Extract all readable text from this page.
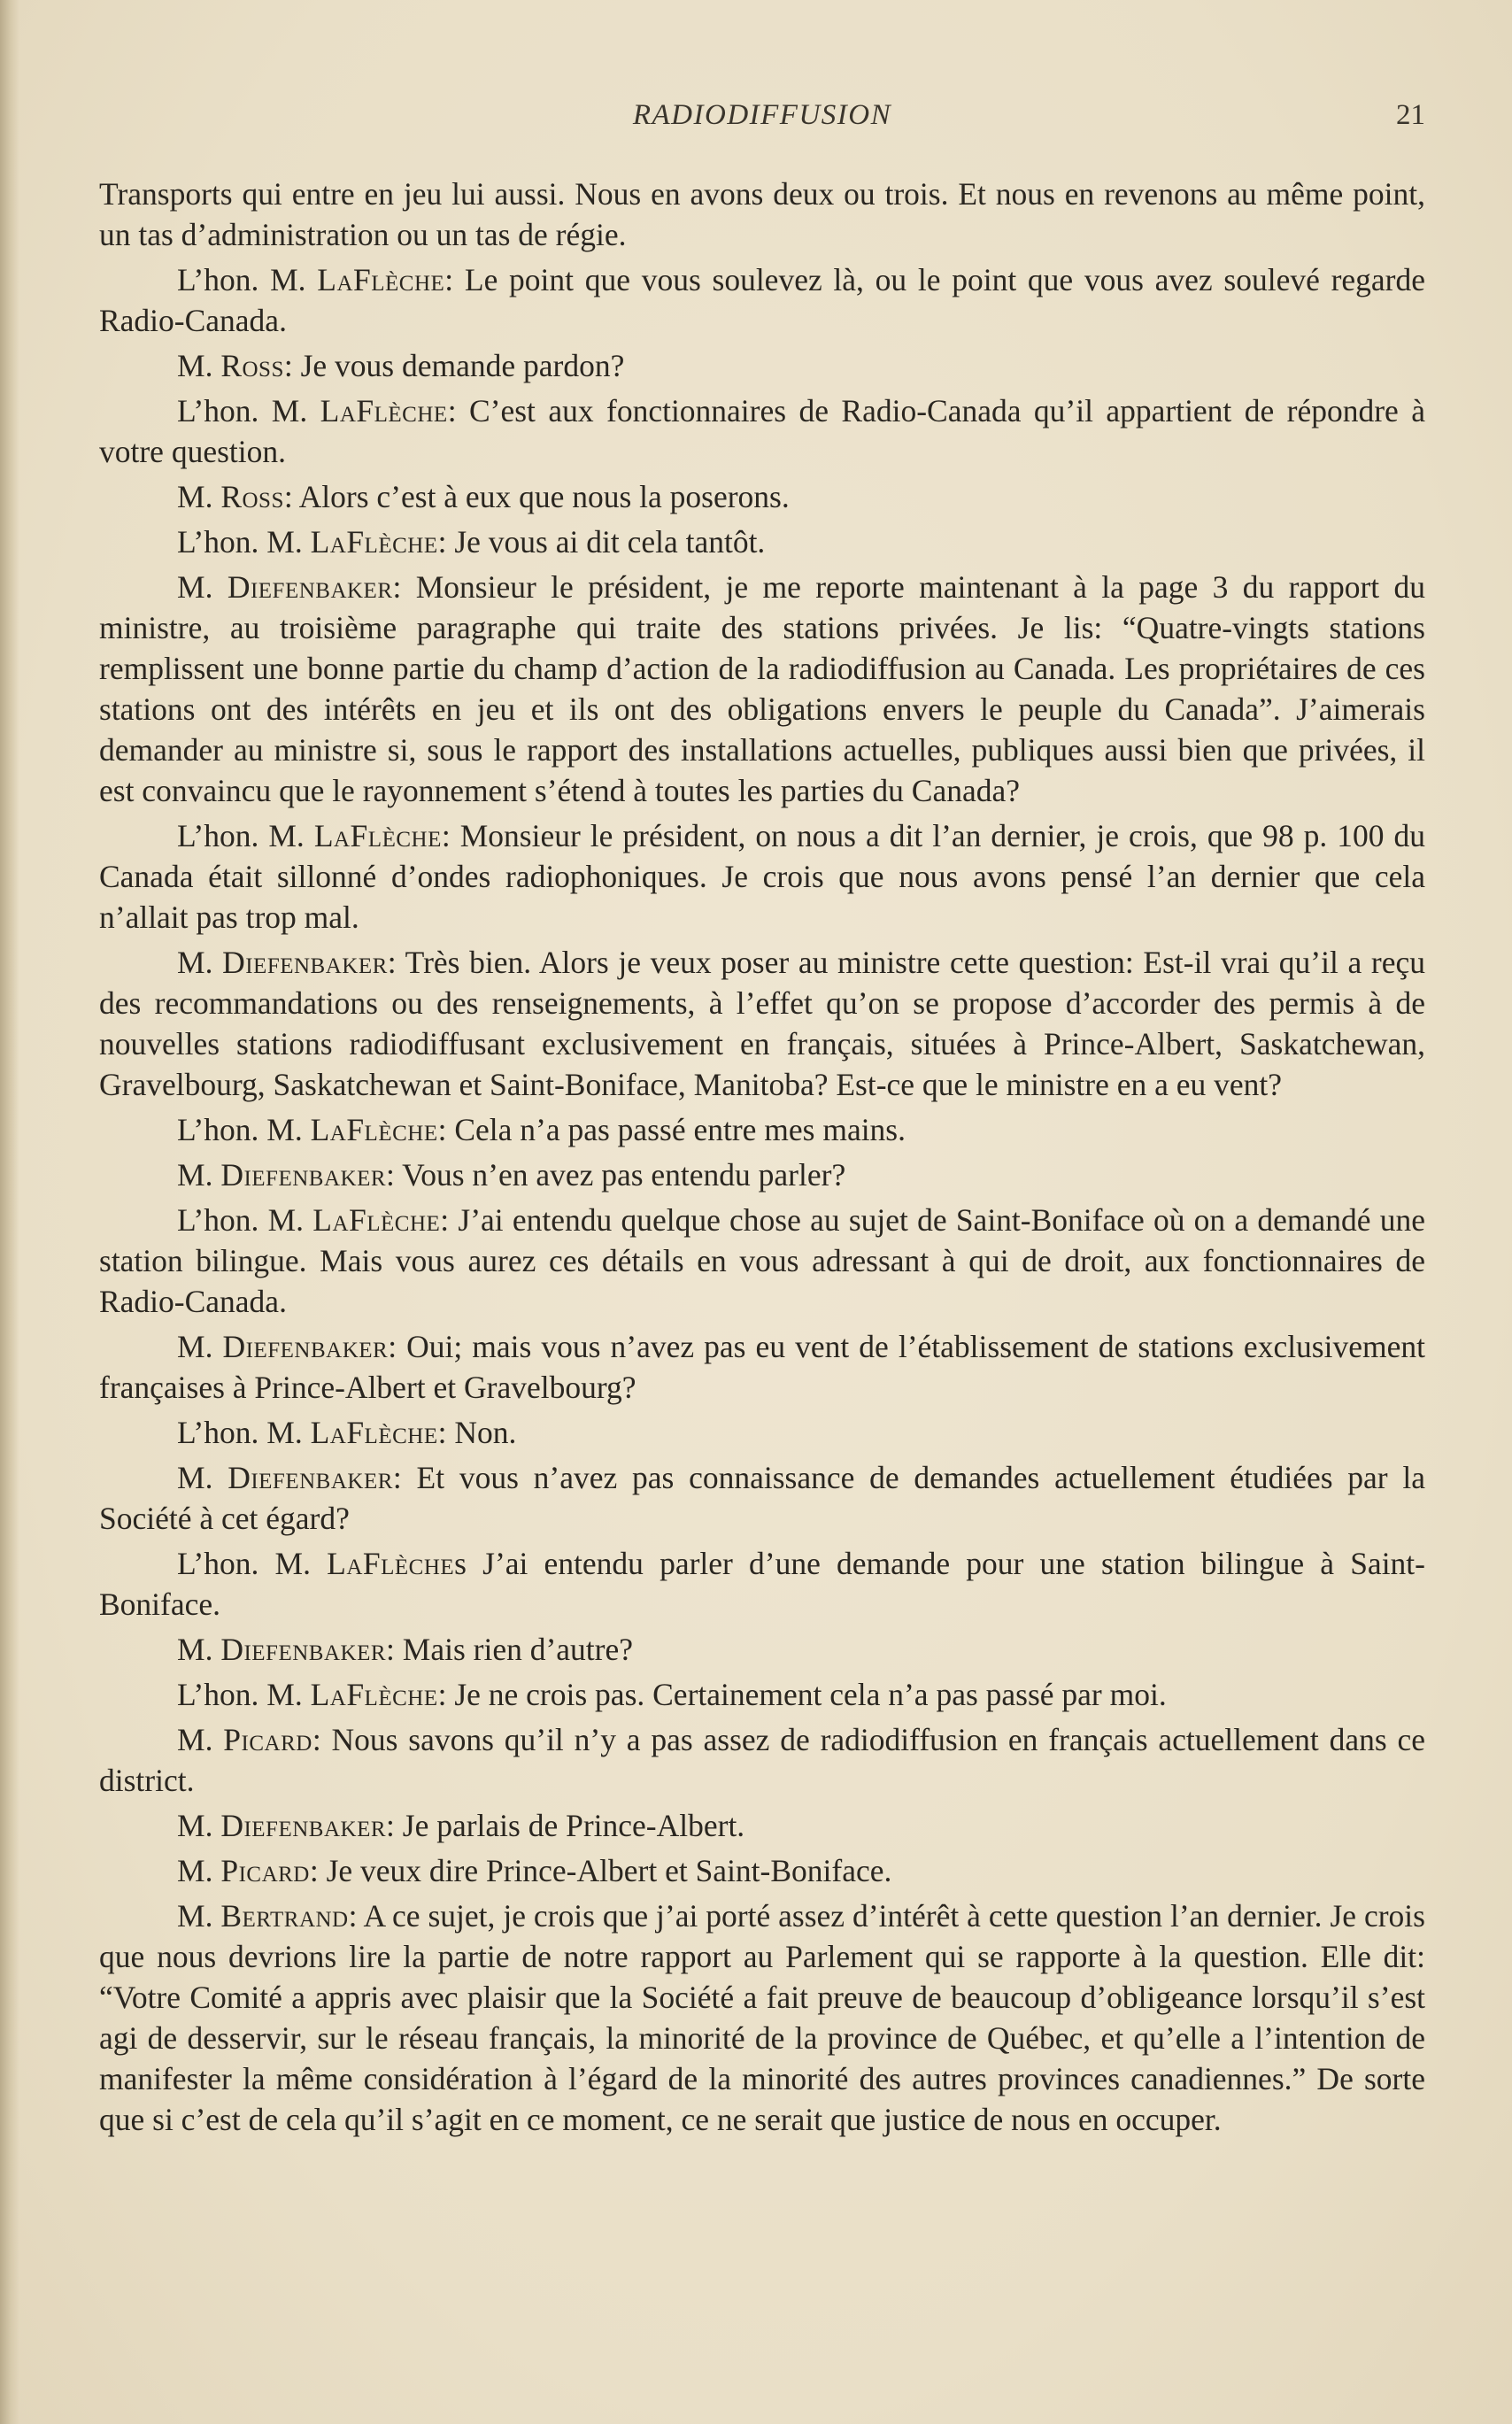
RADIODIFFUSION	21

Transports qui entre en jeu lui aussi. Nous en avons deux ou trois. Et nous en revenons au même point, un tas d’administration ou un tas de régie.

L’hon. M. LaFlèche: Le point que vous soulevez là, ou le point que vous avez soulevé regarde Radio-Canada.

M. Ross: Je vous demande pardon?

L’hon. M. LaFlèche: C’est aux fonctionnaires de Radio-Canada qu’il appartient de répondre à votre question.

M. Ross: Alors c’est à eux que nous la poserons.

L’hon. M. LaFlèche: Je vous ai dit cela tantôt.

M. Diefenbaker: Monsieur le président, je me reporte maintenant à la page 3 du rapport du ministre, au troisième paragraphe qui traite des stations privées. Je lis: “Quatre-vingts stations remplissent une bonne partie du champ d’action de la radiodiffusion au Canada. Les propriétaires de ces stations ont des intérêts en jeu et ils ont des obligations envers le peuple du Canada”. J’aimerais demander au ministre si, sous le rapport des installations actuelles, publiques aussi bien que privées, il est convaincu que le rayonnement s’étend à toutes les parties du Canada?

L’hon. M. LaFlèche: Monsieur le président, on nous a dit l’an dernier, je crois, que 98 p. 100 du Canada était sillonné d’ondes radiophoniques. Je crois que nous avons pensé l’an dernier que cela n’allait pas trop mal.

M. Diefenbaker: Très bien. Alors je veux poser au ministre cette question: Est-il vrai qu’il a reçu des recommandations ou des renseignements, à l’effet qu’on se propose d’accorder des permis à de nouvelles stations radiodiffusant exclusivement en français, situées à Prince-Albert, Saskatchewan, Gravelbourg, Saskatchewan et Saint-Boniface, Manitoba? Est-ce que le ministre en a eu vent?

L’hon. M. LaFlèche: Cela n’a pas passé entre mes mains.

M. Diefenbaker: Vous n’en avez pas entendu parler?

L’hon. M. LaFlèche: J’ai entendu quelque chose au sujet de Saint-Boniface où on a demandé une station bilingue. Mais vous aurez ces détails en vous adressant à qui de droit, aux fonctionnaires de Radio-Canada.

M. Diefenbaker: Oui; mais vous n’avez pas eu vent de l’établissement de stations exclusivement françaises à Prince-Albert et Gravelbourg?

L’hon. M. LaFlèche: Non.

M. Diefenbaker: Et vous n’avez pas connaissance de demandes actuellement étudiées par la Société à cet égard?

L’hon. M. LaFlèches J’ai entendu parler d’une demande pour une station bilingue à Saint-Boniface.

M. Diefenbaker: Mais rien d’autre?

L’hon. M. LaFlèche: Je ne crois pas. Certainement cela n’a pas passé par moi.

M. Picard: Nous savons qu’il n’y a pas assez de radiodiffusion en français actuellement dans ce district.

M. Diefenbaker: Je parlais de Prince-Albert.

M. Picard: Je veux dire Prince-Albert et Saint-Boniface.

M. Bertrand: A ce sujet, je crois que j’ai porté assez d’intérêt à cette question l’an dernier. Je crois que nous devrions lire la partie de notre rapport au Parlement qui se rapporte à la question. Elle dit: “Votre Comité a appris avec plaisir que la Société a fait preuve de beaucoup d’obligeance lorsqu’il s’est agi de desservir, sur le réseau français, la minorité de la province de Québec, et qu’elle a l’intention de manifester la même considération à l’égard de la minorité des autres provinces canadiennes.” De sorte que si c’est de cela qu’il s’agit en ce moment, ce ne serait que justice de nous en occuper.
